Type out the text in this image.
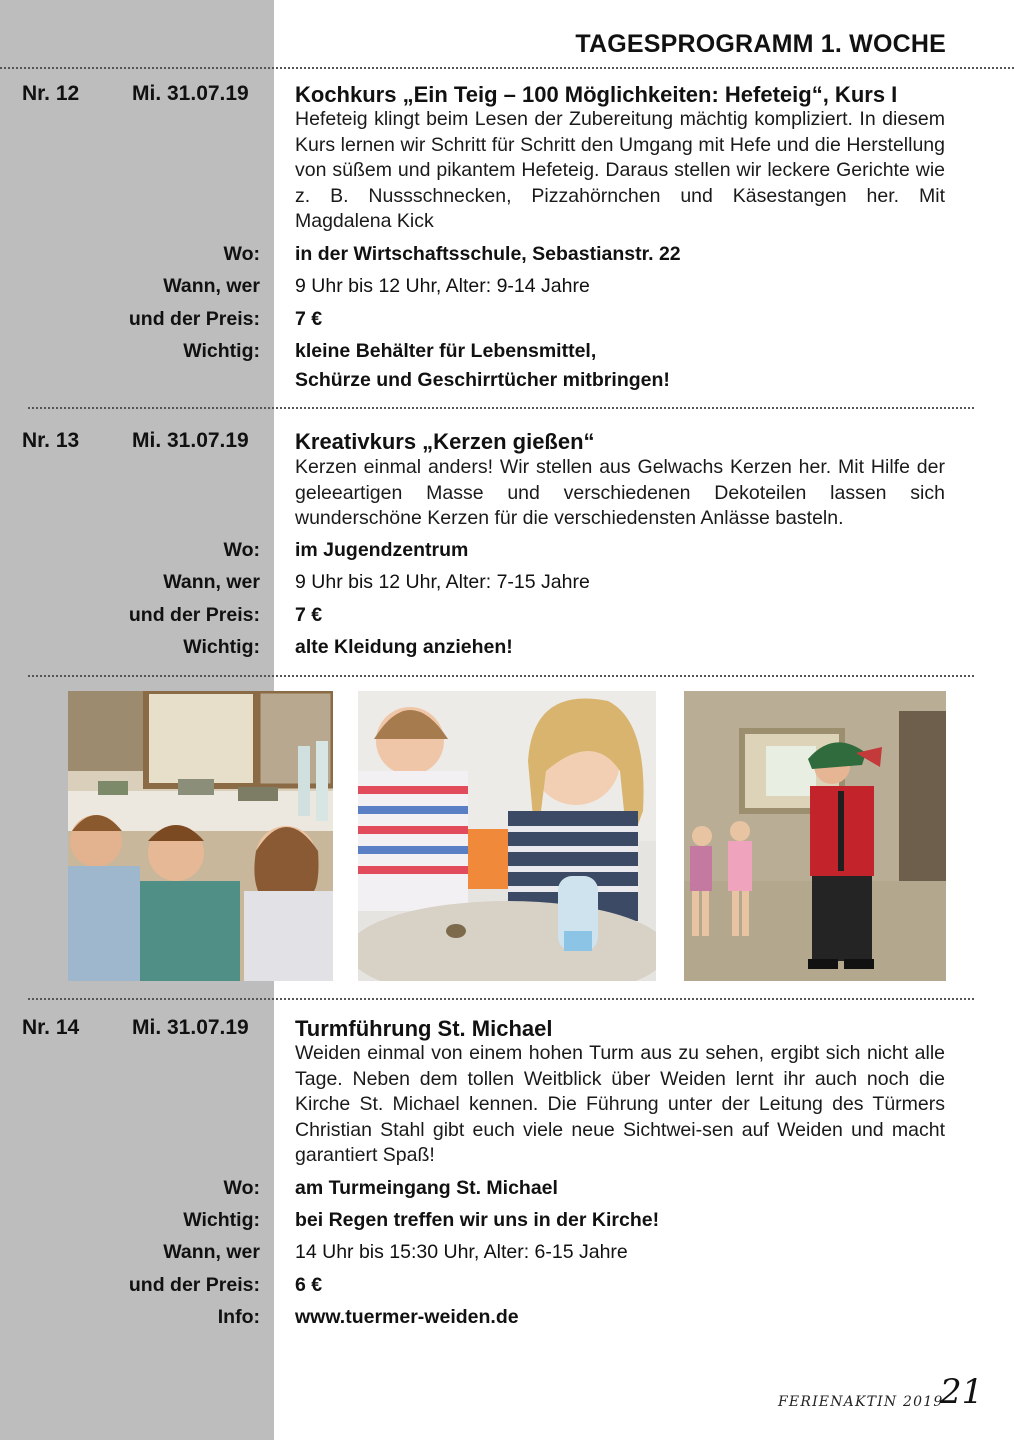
TAGESPROGRAMM 1. WOCHE
Nr. 12	Mi. 31.07.19 Kochkurs „Ein Teig – 100 Möglichkeiten: Hefeteig“, Kurs I
Hefeteig klingt beim Lesen der Zubereitung mächtig kompliziert. In diesem Kurs lernen wir Schritt für Schritt den Umgang mit Hefe und die Herstellung von süßem und pikantem Hefeteig. Daraus stellen wir leckere Gerichte wie z. B. Nussschnecken, Pizzahörnchen und Käsestangen her. Mit Magdalena Kick
Wo: in der Wirtschaftsschule, Sebastianstr. 22
Wann, wer 9 Uhr bis 12 Uhr, Alter: 9-14 Jahre
und der Preis: 7 €
Wichtig: kleine Behälter für Lebensmittel,
Schürze und Geschirrtücher mitbringen!
Nr. 13	Mi. 31.07.19 Kreativkurs „Kerzen gießen“
Kerzen einmal anders! Wir stellen aus Gelwachs Kerzen her. Mit Hilfe der geleeartigen Masse und verschiedenen Dekoteilen lassen sich wunderschöne Kerzen für die verschiedensten Anlässe basteln.
Wo: im Jugendzentrum
Wann, wer 9 Uhr bis 12 Uhr, Alter: 7-15 Jahre
und der Preis: 7 €
Wichtig: alte Kleidung anziehen!
Nr. 14	Mi. 31.07.19 Turmführung St. Michael
Weiden einmal von einem hohen Turm aus zu sehen, ergibt sich nicht alle Tage. Neben dem tollen Weitblick über Weiden lernt ihr auch noch die Kirche St. Michael kennen. Die Führung unter der Leitung des Türmers Christian Stahl gibt euch viele neue Sichtwei-sen auf Weiden und macht garantiert Spaß!
Wo: am Turmeingang St. Michael
Wichtig: bei Regen treffen wir uns in der Kirche!
Wann, wer 14 Uhr bis 15:30 Uhr, Alter: 6-15 Jahre
und der Preis: 6 €
Info: www.tuermer-weiden.de
FERIENAKTIN 2019
21
